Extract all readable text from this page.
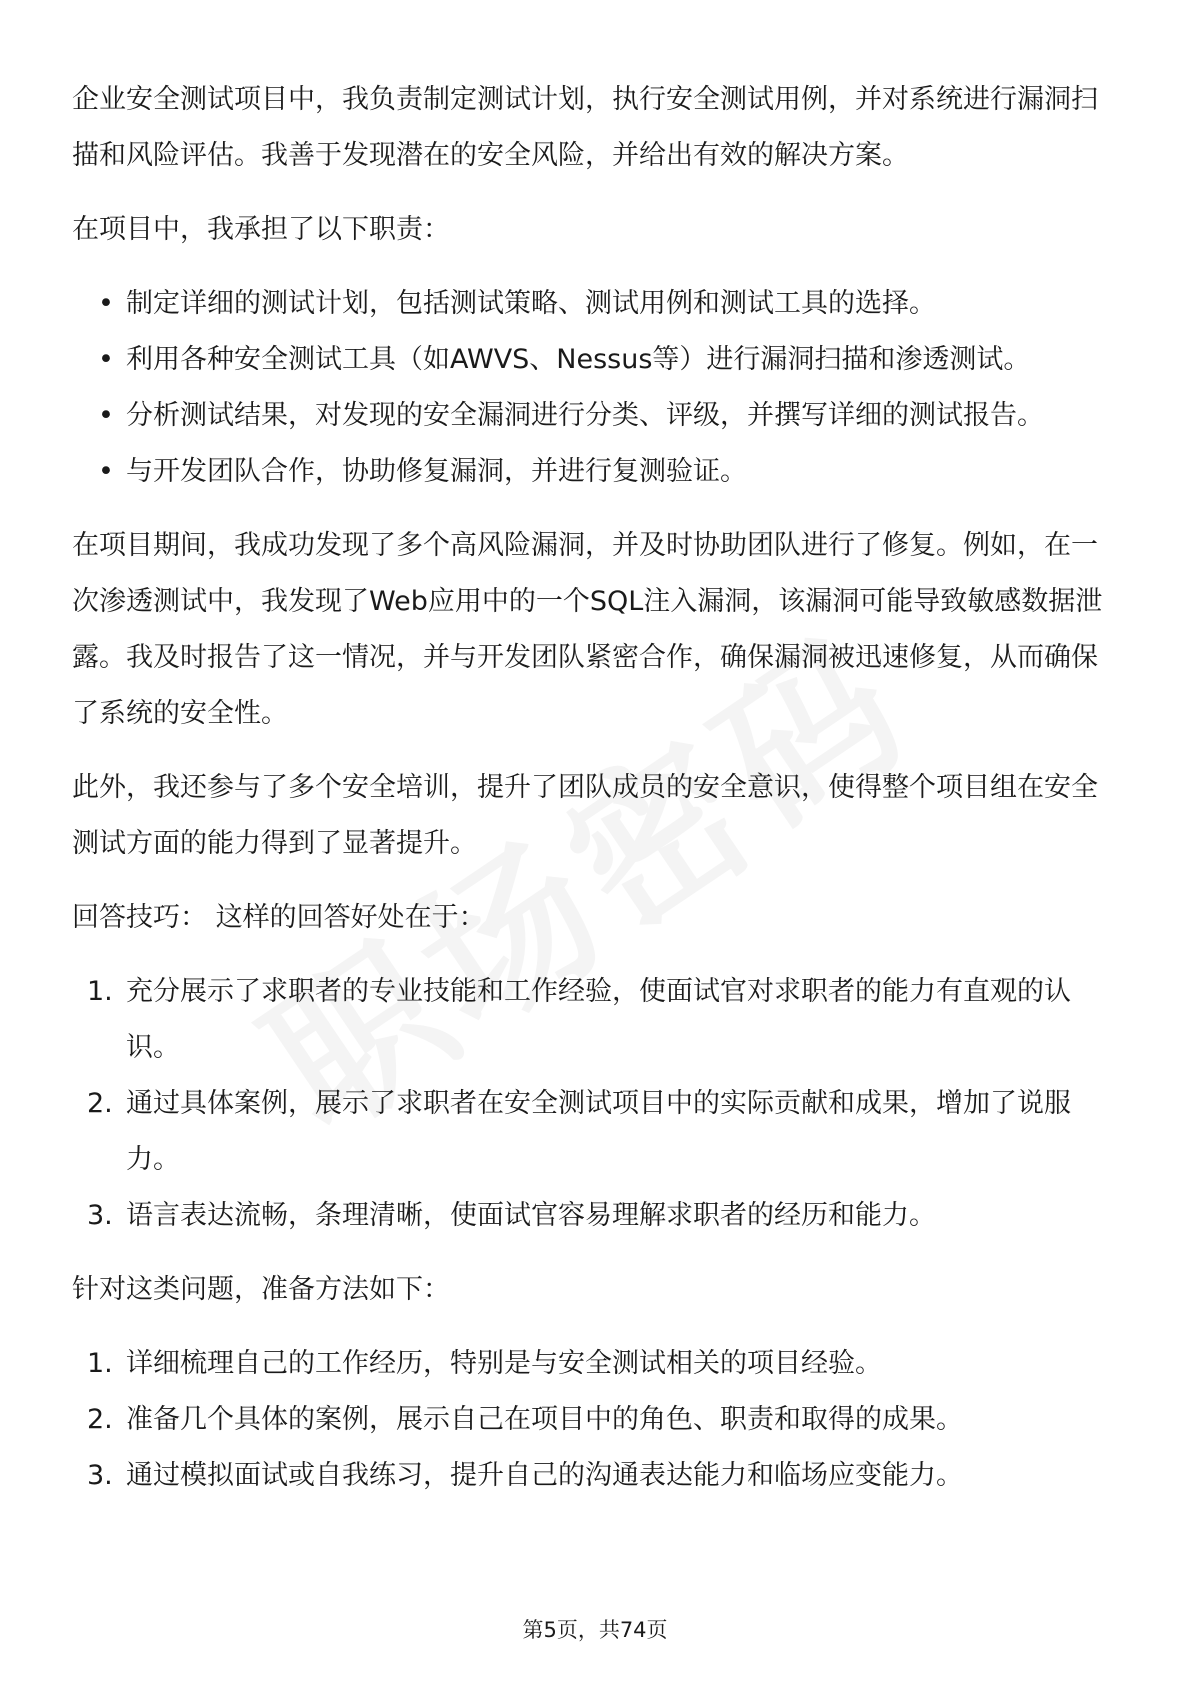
企业安全测试项目中，我负责制定测试计划，执行安全测试用例，并对系统进行漏洞扫描和风险评估。我善于发现潜在的安全风险，并给出有效的解决方案。

在项目中，我承担了以下职责：

• 制定详细的测试计划，包括测试策略、测试用例和测试工具的选择。
• 利用各种安全测试工具（如AWVS、Nessus等）进行漏洞扫描和渗透测试。
• 分析测试结果，对发现的安全漏洞进行分类、评级，并撰写详细的测试报告。
• 与开发团队合作，协助修复漏洞，并进行复测验证。

在项目期间，我成功发现了多个高风险漏洞，并及时协助团队进行了修复。例如，在一次渗透测试中，我发现了Web应用中的一个SQL注入漏洞，该漏洞可能导致敏感数据泄露。我及时报告了这一情况，并与开发团队紧密合作，确保漏洞被迅速修复，从而确保了系统的安全性。

此外，我还参与了多个安全培训，提升了团队成员的安全意识，使得整个项目组在安全测试方面的能力得到了显著提升。

回答技巧： 这样的回答好处在于：

1. 充分展示了求职者的专业技能和工作经验，使面试官对求职者的能力有直观的认识。
2. 通过具体案例，展示了求职者在安全测试项目中的实际贡献和成果，增加了说服力。
3. 语言表达流畅，条理清晰，使面试官容易理解求职者的经历和能力。

针对这类问题，准备方法如下：

1. 详细梳理自己的工作经历，特别是与安全测试相关的项目经验。
2. 准备几个具体的案例，展示自己在项目中的角色、职责和取得的成果。
3. 通过模拟面试或自我练习，提升自己的沟通表达能力和临场应变能力。
第5页，共74页
